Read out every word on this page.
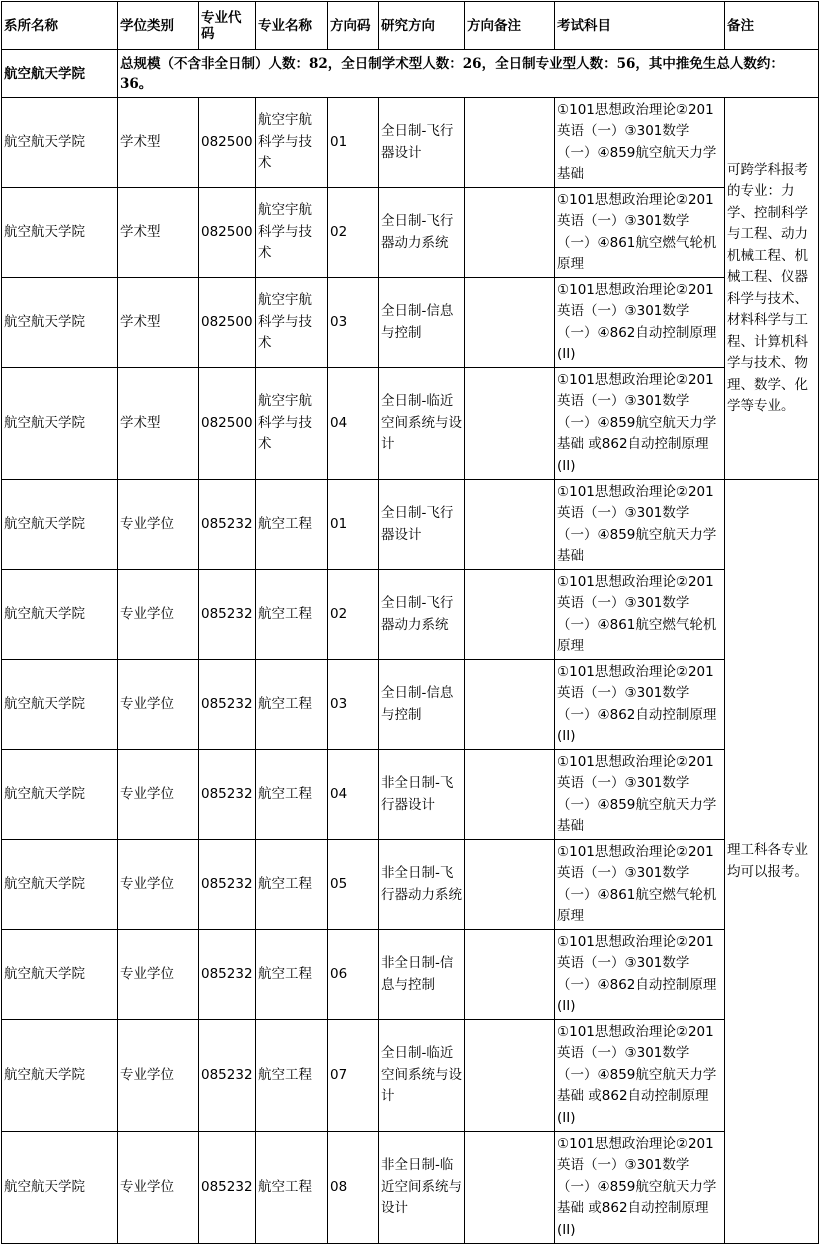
系所名称	学位类别	专业代码	专业名称	方向码	研究方向	方向备注	考试科目	备注
航空航天学院	总规模（不含非全日制）人数：82，全日制学术型人数：26，全日制专业型人数：56，其中推免生总人数约：36。							
航空航天学院	学术型	082500	航空宇航科学与技术	01	全日制-飞行器设计		①101思想政治理论②201英语（一）③301数学（一）④859航空航天力学基础	可跨学科报考的专业：力学、控制科学与工程、动力机械工程、机械工程、仪器科学与技术、材料科学与工程、计算机科学与技术、物理、数学、化学等专业。
航空航天学院	学术型	082500	航空宇航科学与技术	02	全日制-飞行器动力系统		①101思想政治理论②201英语（一）③301数学（一）④861航空燃气轮机原理	
航空航天学院	学术型	082500	航空宇航科学与技术	03	全日制-信息与控制		①101思想政治理论②201英语（一）③301数学（一）④862自动控制原理(II)	
航空航天学院	学术型	082500	航空宇航科学与技术	04	全日制-临近空间系统与设计		①101思想政治理论②201英语（一）③301数学（一）④859航空航天力学基础 或862自动控制原理(II)	
航空航天学院	专业学位	085232	航空工程	01	全日制-飞行器设计		①101思想政治理论②201英语（一）③301数学（一）④859航空航天力学基础	理工科各专业均可以报考。
航空航天学院	专业学位	085232	航空工程	02	全日制-飞行器动力系统		①101思想政治理论②201英语（一）③301数学（一）④861航空燃气轮机原理	
航空航天学院	专业学位	085232	航空工程	03	全日制-信息与控制		①101思想政治理论②201英语（一）③301数学（一）④862自动控制原理(II)	
航空航天学院	专业学位	085232	航空工程	04	非全日制-飞行器设计		①101思想政治理论②201英语（一）③301数学（一）④859航空航天力学基础	
航空航天学院	专业学位	085232	航空工程	05	非全日制-飞行器动力系统		①101思想政治理论②201英语（一）③301数学（一）④861航空燃气轮机原理	
航空航天学院	专业学位	085232	航空工程	06	非全日制-信息与控制		①101思想政治理论②201英语（一）③301数学（一）④862自动控制原理(II)	
航空航天学院	专业学位	085232	航空工程	07	全日制-临近空间系统与设计		①101思想政治理论②201英语（一）③301数学（一）④859航空航天力学基础 或862自动控制原理(II)	
航空航天学院	专业学位	085232	航空工程	08	非全日制-临近空间系统与设计		①101思想政治理论②201英语（一）③301数学（一）④859航空航天力学基础 或862自动控制原理(II)	
